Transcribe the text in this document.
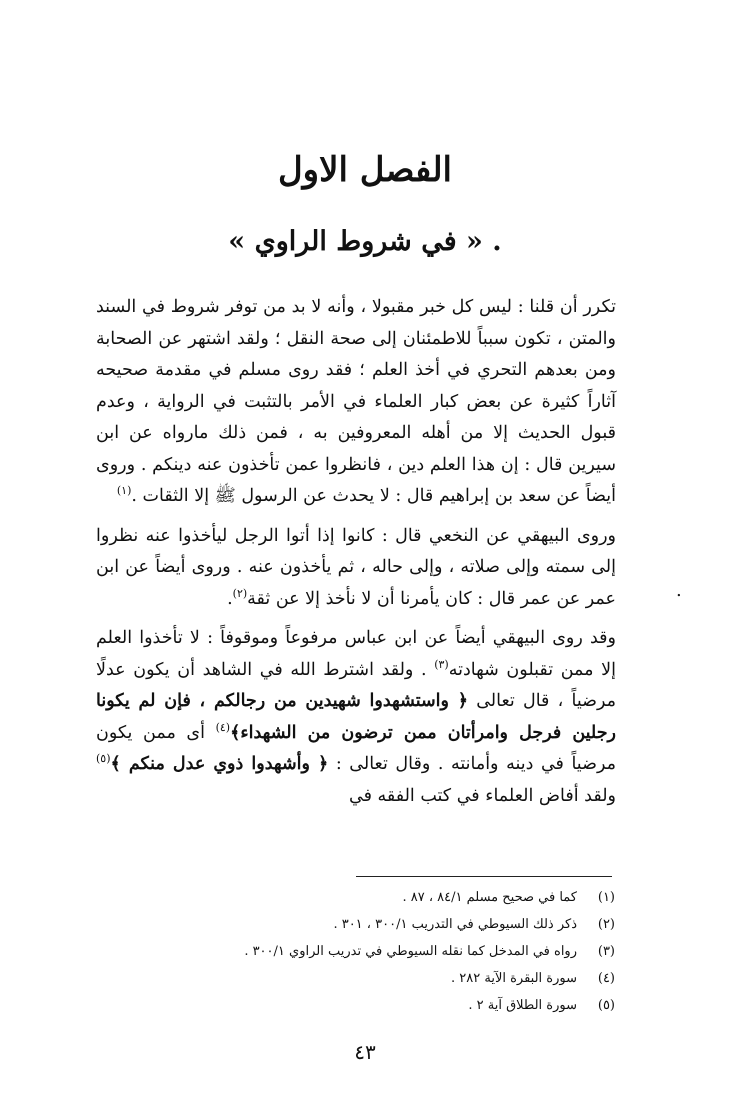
الفصل الاول
« في شروط الراوي » .

تكرر أن قلنا : ليس كل خبر مقبولا ، وأنه لا بد من توفر شروط في السند والمتن ، تكون سبباً للاطمئنان إلى صحة النقل ؛ ولقد اشتهر عن الصحابة ومن بعدهم التحري في أخذ العلم ؛ فقد روى مسلم في مقدمة صحيحه آثاراً كثيرة عن بعض كبار العلماء في الأمر بالتثبت في الرواية ، وعدم قبول الحديث إلا من أهله المعروفين به ، فمن ذلك مارواه عن ابن سيرين قال : إن هذا العلم دين ، فانظروا عمن تأخذون عنه دينكم . وروى أيضاً عن سعد بن إبراهيم قال : لا يحدث عن الرسول ﷺ إلا الثقات .$^{(١)}$

وروى البيهقي عن النخعي قال : كانوا إذا أتوا الرجل ليأخذوا عنه نظروا إلى سمته وإلى صلاته ، وإلى حاله ، ثم يأخذون عنه . وروى أيضاً عن ابن عمر عن عمر قال : كان يأمرنا أن لا نأخذ إلا عن ثقة$^{(٢)}$.

وقد روى البيهقي أيضاً عن ابن عباس مرفوعاً وموقوفاً : لا تأخذوا العلم إلا ممن تقبلون شهادته$^{(٣)}$ . ولقد اشترط الله في الشاهد أن يكون عدلًا مرضياً ، قال تعالى ﴿ واستشهدوا شهيدين من رجالكم ، فإن لم يكونا رجلين فرجل وامرأتان ممن ترضون من الشهداء﴾$^{(٤)}$ أى ممن يكون مرضياً في دينه وأمانته . وقال تعالى : ﴿ وأشهدوا ذوي عدل منكم ﴾$^{(٥)}$ ولقد أفاض العلماء في كتب الفقه في

.
(١)
كما في صحيح مسلم ٨٤/١ ، ٨٧ .
(٢)
ذكر ذلك السيوطي في التدريب ٣٠٠/١ ، ٣٠١ .
(٣)
رواه في المدخل كما نقله السيوطي في تدريب الراوي ٣٠٠/١ .
(٤)
سورة البقرة الآية ٢٨٢ .
(٥)
سورة الطلاق آية ٢ .
٤٣
